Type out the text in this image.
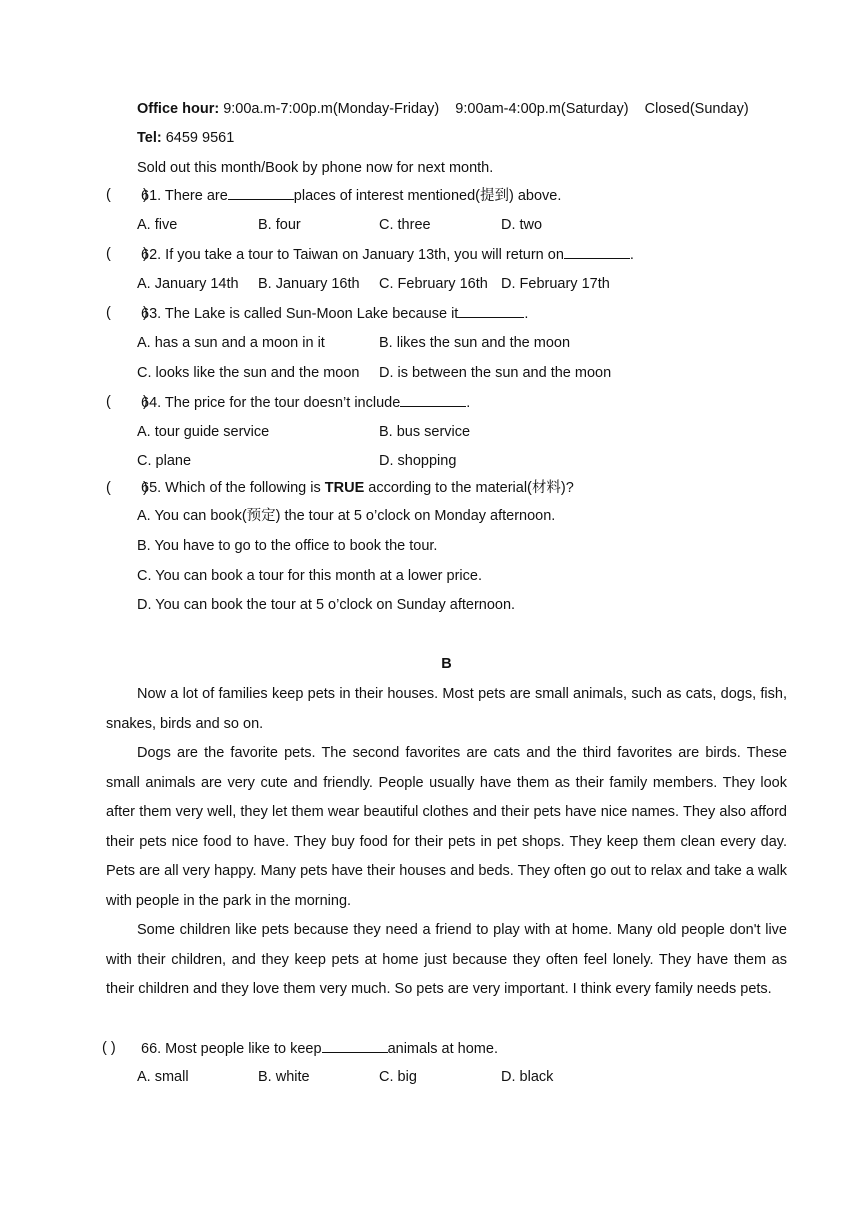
Office hour: 9:00a.m-7:00p.m(Monday-Friday)    9:00am-4:00p.m(Saturday)    Closed(Sunday)
Tel: 6459 9561
Sold out this month/Book by phone now for next month.
(        )
61. There are	places of interest mentioned(提到) above.
A. five	B. four	C. three	D. two
(        )
62. If you take a tour to Taiwan on January 13th, you will return on	.
A. January 14th B. January 16th C. February 16th D. February 17th
(        )
63. The Lake is called Sun-Moon Lake because it	.
A. has a sun and a moon in it	B. likes the sun and the moon
C. looks like the sun and the moon D. is between the sun and the moon
(        )
64. The price for the tour doesn’t include	.
A. tour guide service	B. bus service
C. plane	D. shopping
(        )
65. Which of the following is TRUE according to the material(材料)?
A. You can book(预定) the tour at 5 o’clock on Monday afternoon.
B. You have to go to the office to book the tour.
C. You can book a tour for this month at a lower price.
D. You can book the tour at 5 o’clock on Sunday afternoon.
B
Now a lot of families keep pets in their houses. Most pets are small animals, such as cats, dogs, fish, snakes, birds and so on.
Dogs are the favorite pets. The second favorites are cats and the third favorites are birds. These small animals are very cute and friendly. People usually have them as their family members. They look after them very well, they let them wear beautiful clothes and their pets have nice names. They also afford their pets nice food to have. They buy food for their pets in pet shops. They keep them clean every day. Pets are all very happy. Many pets have their houses and beds. They often go out to relax and take a walk with people in the park in the morning.
Some children like pets because they need a friend to play with at home. Many old people don't live with their children, and they keep pets at home just because they often feel lonely. They have them as their children and they love them very much. So pets are very important. I think every family needs pets.
( ) 66. Most people like to keep	animals at home.
A. small	B. white	C. big	D. black
